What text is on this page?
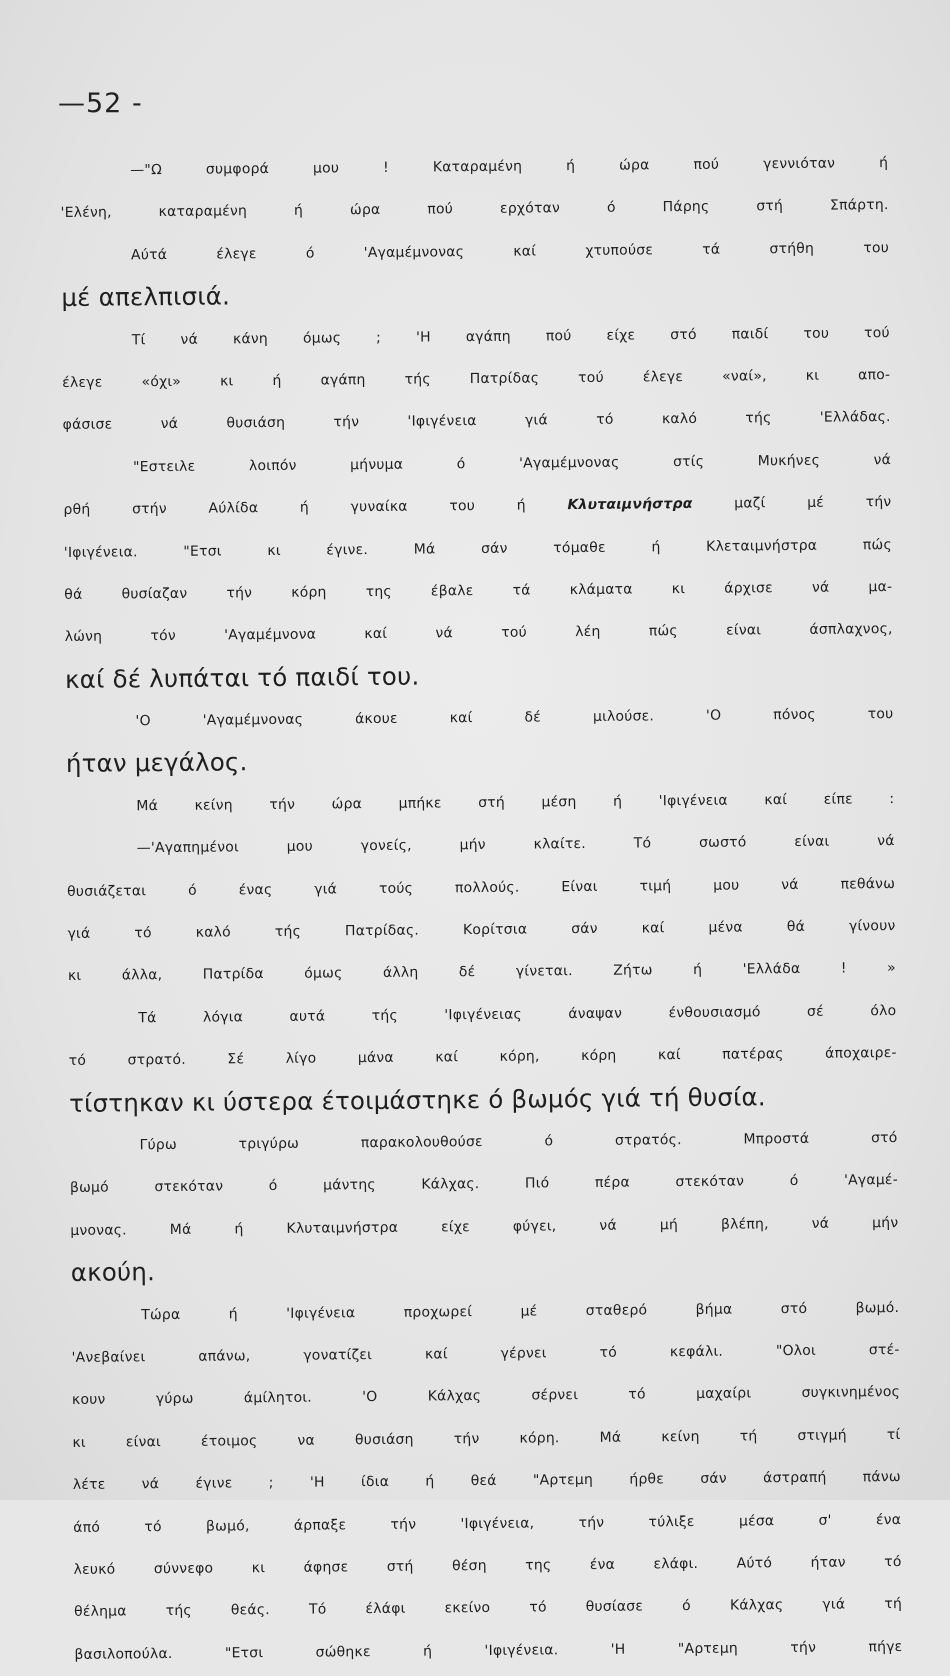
—52 -
—"Ω συμφορά μου ! Καταραμένη ή ώρα πού γεννιόταν ή
'Ελένη, καταραμένη ή ώρα πού ερχόταν ό Πάρης στή Σπάρτη.
Αύτά έλεγε ό 'Αγαμέμνονας καί χτυπούσε τά στήθη του
μέ απελπισιά.
Τί νά κάνη όμως ; 'Η αγάπη πού είχε στό παιδί του τού
έλεγε «όχι» κι ή αγάπη τής Πατρίδας τού έλεγε «ναί», κι απο-
φάσισε νά θυσιάση τήν 'Ιφιγένεια γιά τό καλό τής 'Ελλάδας.
"Εστειλε λοιπόν μήνυμα ό 'Αγαμέμνονας στίς Μυκήνες νά
ρθή στήν Αύλίδα ή γυναίκα του ή Κλυταιμνήστρα μαζί μέ τήν
'Ιφιγένεια. "Ετσι κι έγινε. Μά σάν τόμαθε ή Κλεταιμνήστρα πώς
θά θυσίαζαν τήν κόρη της έβαλε τά κλάματα κι άρχισε νά μα-
λώνη τόν 'Αγαμέμνονα καί νά τού λέη πώς είναι άσπλαχνος,
καί δέ λυπάται τό παιδί του.
'Ο 'Αγαμέμνονας άκουε καί δέ μιλούσε. 'Ο πόνος του
ήταν μεγάλος.
Μά κείνη τήν ώρα μπήκε στή μέση ή 'Ιφιγένεια καί είπε :
—'Αγαπημένοι μου γονείς, μήν κλαίτε. Τό σωστό είναι νά
θυσιάζεται ό ένας γιά τούς πολλούς. Είναι τιμή μου νά πεθάνω
γιά τό καλό τής Πατρίδας. Κορίτσια σάν καί μένα θά γίνουν
κι άλλα, Πατρίδα όμως άλλη δέ γίνεται. Ζήτω ή 'Ελλάδα ! »
Τά λόγια αυτά τής 'Ιφιγένειας άναψαν ένθουσιασμό σέ όλο
τό στρατό. Σέ λίγο μάνα καί κόρη, κόρη καί πατέρας άποχαιρε-
τίστηκαν κι ύστερα έτοιμάστηκε ό βωμός γιά τή θυσία.
Γύρω τριγύρω παρακολουθούσε ό στρατός. Μπροστά στό
βωμό στεκόταν ό μάντης Κάλχας. Πιό πέρα στεκόταν ό 'Αγαμέ-
μνονας. Μά ή Κλυταιμνήστρα είχε φύγει, νά μή βλέπη, νά μήν
ακούη.
Τώρα ή 'Ιφιγένεια προχωρεί μέ σταθερό βήμα στό βωμό.
'Ανεβαίνει απάνω, γονατίζει καί γέρνει τό κεφάλι. "Ολοι στέ-
κουν γύρω άμίλητοι. 'Ο Κάλχας σέρνει τό μαχαίρι συγκινημένος
κι είναι έτοιμος να θυσιάση τήν κόρη. Μά κείνη τή στιγμή τί
λέτε νά έγινε ; 'Η ίδια ή θεά "Αρτεμη ήρθε σάν άστραπή πάνω
άπό τό βωμό, άρπαξε τήν 'Ιφιγένεια, τήν τύλιξε μέσα σ' ένα
λευκό σύννεφο κι άφησε στή θέση της ένα ελάφι. Αύτό ήταν τό
θέλημα τής θεάς. Τό έλάφι εκείνο τό θυσίασε ό Κάλχας γιά τή
βασιλοπούλα. "Ετσι σώθηκε ή 'Ιφιγένεια. 'Η "Αρτεμη τήν πήγε
